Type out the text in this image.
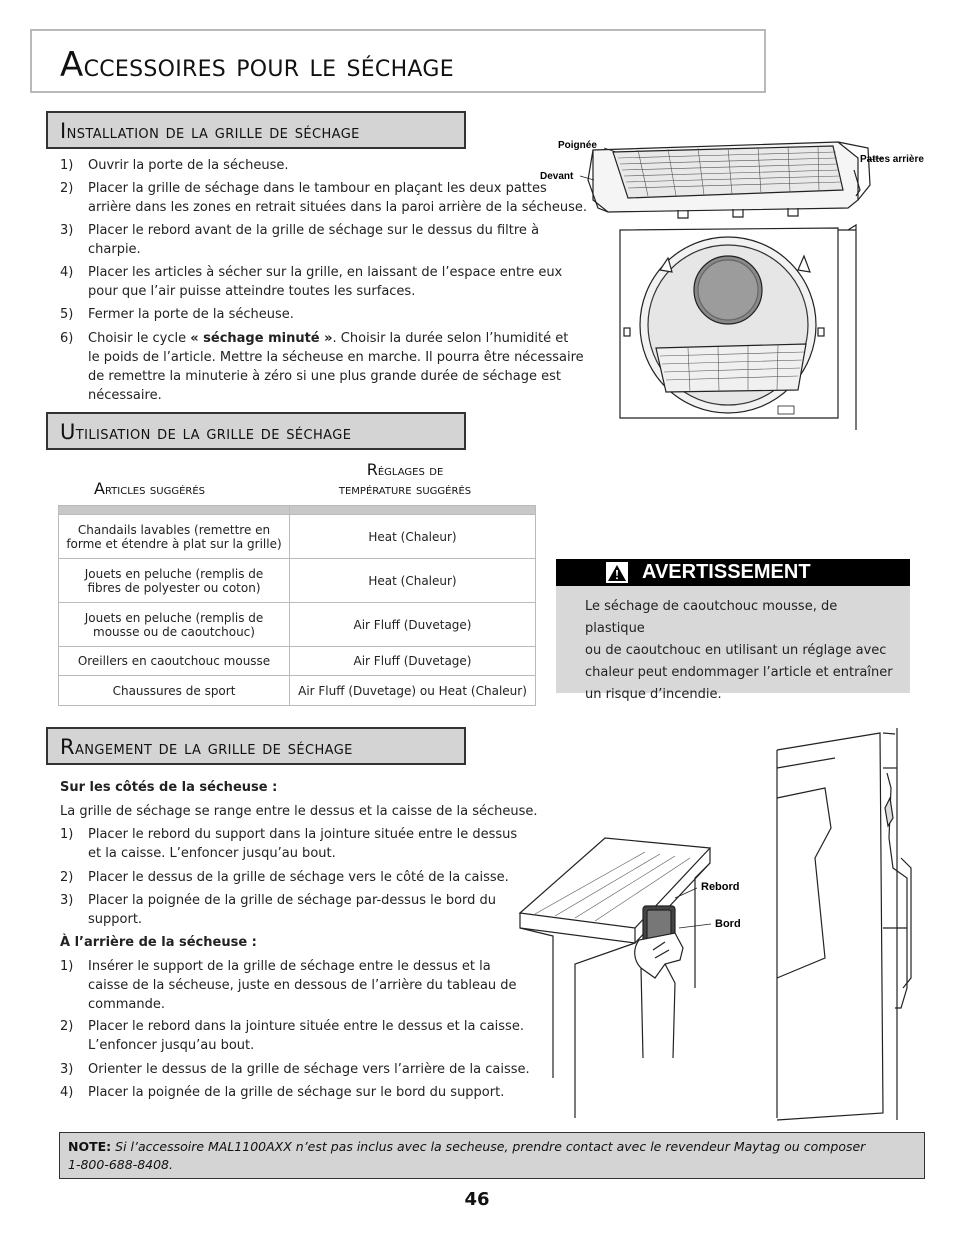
Accessoires pour le séchage
Installation de la grille de séchage
1)	Ouvrir la porte de la sécheuse.
2)	Placer la grille de séchage dans le tambour en plaçant les deux pattes
arrière dans les zones en retrait situées dans la paroi arrière de la sécheuse.
3)	Placer le rebord avant de la grille de séchage sur le dessus du filtre à
charpie.
4)	Placer les articles à sécher sur la grille, en laissant de l’espace entre eux
pour que l’air puisse atteindre toutes les surfaces.
5)	Fermer la porte de la sécheuse.
6)	Choisir le cycle « séchage minuté ». Choisir la durée selon l’humidité et
le poids de l’article. Mettre la sécheuse en marche. Il pourra être nécessaire
de remettre la minuterie à zéro si une plus grande durée de séchage est
nécessaire.
Poignée
Devant
Pattes arrière
Utilisation de la grille de séchage
Articles suggérés
Réglages de
température suggérés

Chandails lavables (remettre en
forme et étendre à plat sur la grille)	Heat (Chaleur)
Jouets en peluche (remplis de
fibres de polyester ou coton)	Heat (Chaleur)
Jouets en peluche (remplis de
mousse ou de caoutchouc)	Air Fluff (Duvetage)
Oreillers en caoutchouc mousse	Air Fluff (Duvetage)
Chaussures de sport	Air Fluff (Duvetage) ou Heat (Chaleur)
AVERTISSEMENT
Le séchage de caoutchouc mousse, de plastique
ou de caoutchouc en utilisant un réglage avec
chaleur peut endommager l’article et entraîner
un risque d’incendie.
Rangement de la grille de séchage
Sur les côtés de la sécheuse :
La grille de séchage se range entre le dessus et la caisse de la sécheuse.
1)	Placer le rebord du support dans la jointure située entre le dessus
et la caisse. L’enfoncer jusqu’au bout.
2)	Placer le dessus de la grille de séchage vers le côté de la caisse.
3)	Placer la poignée de la grille de séchage par-dessus le bord du
support.
À l’arrière de la sécheuse :
1)	Insérer le support de la grille de séchage entre le dessus et la
caisse de la sécheuse, juste en dessous de l’arrière du tableau de
commande.
2)	Placer le rebord dans la jointure située entre le dessus et la caisse.
L’enfoncer jusqu’au bout.
3)	Orienter le dessus de la grille de séchage vers l’arrière de la caisse.
4)	Placer la poignée de la grille de séchage sur le bord du support.
Rebord
Bord
NOTE: Si l’accessoire MAL1100AXX n’est pas inclus avec la secheuse, prendre contact avec le revendeur Maytag ou composer
1-800-688-8408.
46
